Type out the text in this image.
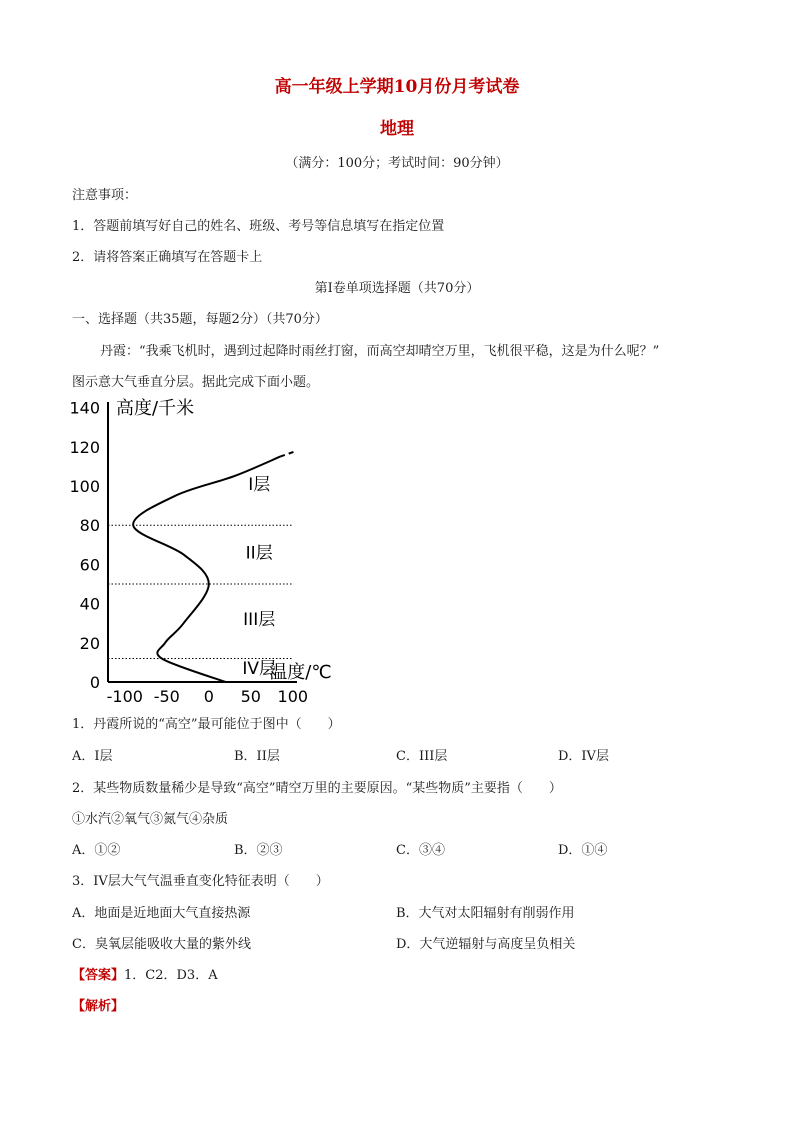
高一年级上学期10月份月考试卷
地理
（满分：100分；考试时间：90分钟）
注意事项：
1．答题前填写好自己的姓名、班级、考号等信息填写在指定位置
2．请将答案正确填写在答题卡上
第I卷单项选择题（共70分）
一、选择题（共35题，每题2分）（共70分）
丹霞：“我乘飞机时，遇到过起降时雨丝打窗，而高空却晴空万里，飞机很平稳，这是为什么呢？”
图示意大气垂直分层。据此完成下面小题。
0
20
40
60
80
100
120
140
-100 -50 0 50 100
高度/千米
温度/℃
I层
II层
III层
IV层
1．丹霞所说的“高空”最可能位于图中（　　）
A．I层	B．II层	C．III层	D．IV层
2．某些物质数量稀少是导致“高空”晴空万里的主要原因。“某些物质”主要指（　　）
①水汽②氧气③氮气④杂质
A．①②	B．②③	C．③④	D．①④
3．IV层大气气温垂直变化特征表明（　　）
A．地面是近地面大气直接热源	B．大气对太阳辐射有削弱作用
C．臭氧层能吸收大量的紫外线	D．大气逆辐射与高度呈负相关
【答案】1．C2．D3．A
【解析】
